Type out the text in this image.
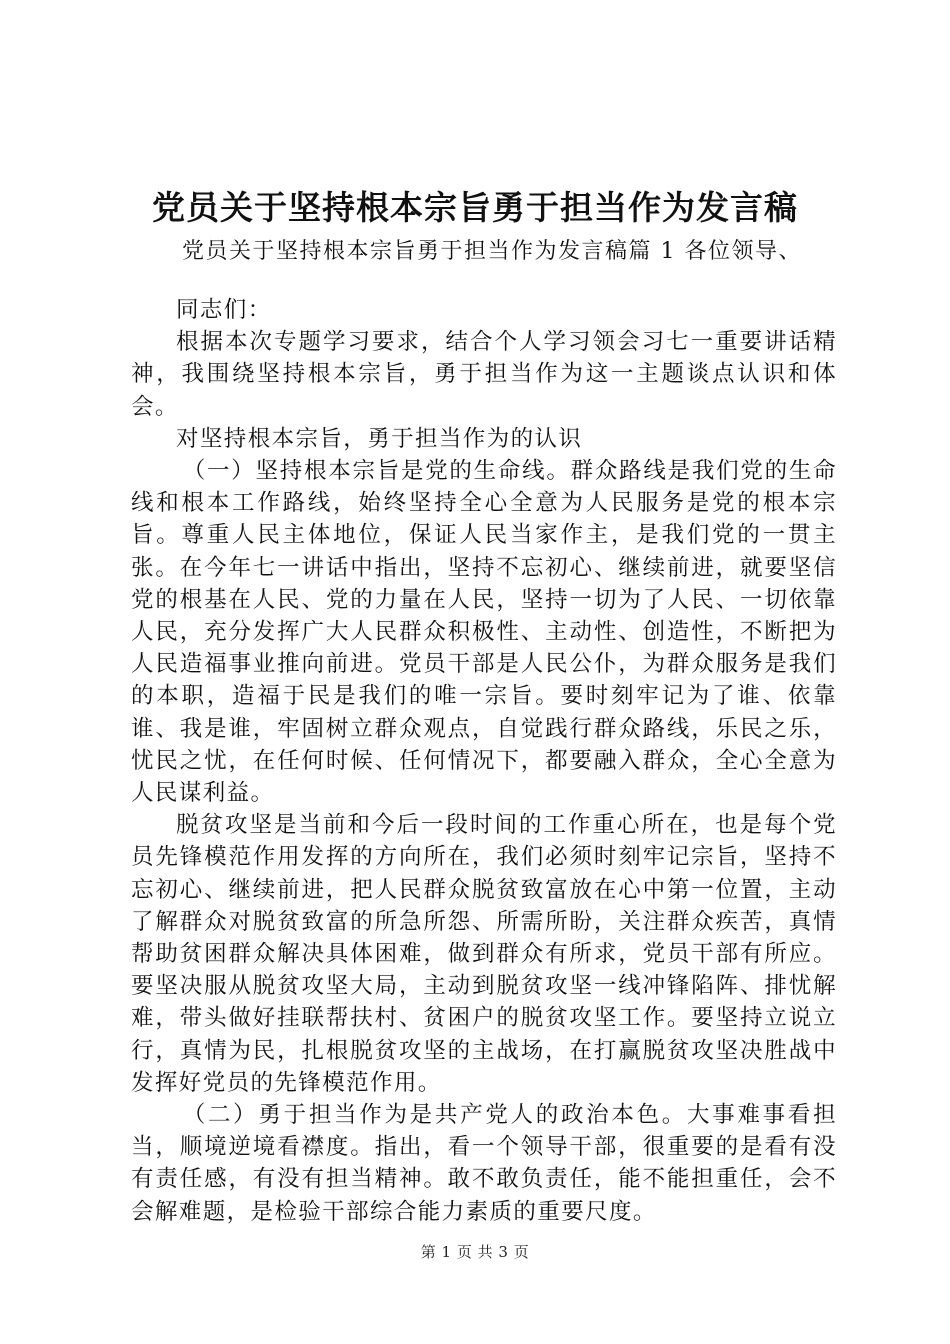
党员关于坚持根本宗旨勇于担当作为发言稿
党员关于坚持根本宗旨勇于担当作为发言稿篇 1 各位领导、

同志们：

根据本次专题学习要求，结合个人学习领会习七一重要讲话精神，我围绕坚持根本宗旨，勇于担当作为这一主题谈点认识和体会。

对坚持根本宗旨，勇于担当作为的认识

（一）坚持根本宗旨是党的生命线。群众路线是我们党的生命线和根本工作路线，始终坚持全心全意为人民服务是党的根本宗旨。尊重人民主体地位，保证人民当家作主，是我们党的一贯主张。在今年七一讲话中指出，坚持不忘初心、继续前进，就要坚信党的根基在人民、党的力量在人民，坚持一切为了人民、一切依靠人民，充分发挥广大人民群众积极性、主动性、创造性，不断把为人民造福事业推向前进。党员干部是人民公仆，为群众服务是我们的本职，造福于民是我们的唯一宗旨。要时刻牢记为了谁、依靠谁、我是谁，牢固树立群众观点，自觉践行群众路线，乐民之乐，忧民之忧，在任何时候、任何情况下，都要融入群众，全心全意为人民谋利益。

脱贫攻坚是当前和今后一段时间的工作重心所在，也是每个党员先锋模范作用发挥的方向所在，我们必须时刻牢记宗旨，坚持不忘初心、继续前进，把人民群众脱贫致富放在心中第一位置，主动了解群众对脱贫致富的所急所怨、所需所盼，关注群众疾苦，真情帮助贫困群众解决具体困难，做到群众有所求，党员干部有所应。要坚决服从脱贫攻坚大局，主动到脱贫攻坚一线冲锋陷阵、排忧解难，带头做好挂联帮扶村、贫困户的脱贫攻坚工作。要坚持立说立行，真情为民，扎根脱贫攻坚的主战场，在打赢脱贫攻坚决胜战中发挥好党员的先锋模范作用。

（二）勇于担当作为是共产党人的政治本色。大事难事看担当，顺境逆境看襟度。指出，看一个领导干部，很重要的是看有没有责任感，有没有担当精神。敢不敢负责任，能不能担重任，会不会解难题，是检验干部综合能力素质的重要尺度。

第 1 页 共 3 页
